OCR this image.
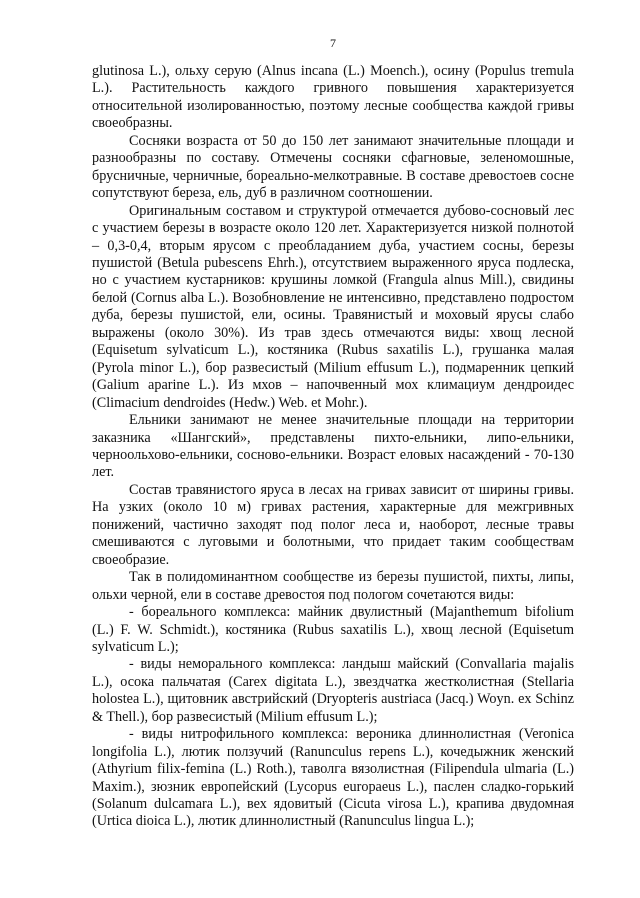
7

glutinosa L.), ольху серую (Alnus incana (L.) Moench.), осину (Populus tremula L.). Растительность каждого гривного повышения характеризуется относительной изолированностью, поэтому лесные сообщества каждой гривы своеобразны.

Сосняки возраста от 50 до 150 лет занимают значительные площади и разнообразны по составу. Отмечены сосняки сфагновые, зеленомошные, брусничные, черничные, бореально-мелкотравные. В составе древостоев сосне сопутствуют береза, ель, дуб в различном соотношении.

Оригинальным составом и структурой отмечается дубово-сосновый лес с участием березы в возрасте около 120 лет. Характеризуется низкой полнотой – 0,3-0,4, вторым ярусом с преобладанием дуба, участием сосны, березы пушистой (Betula pubescens Ehrh.), отсутствием выраженного яруса подлеска, но с участием кустарников: крушины ломкой (Frangula alnus Mill.), свидины белой (Cornus alba L.). Возобновление не интенсивно, представлено подростом дуба, березы пушистой, ели, осины. Травянистый и моховый ярусы слабо выражены (около 30%). Из трав здесь отмечаются виды: хвощ лесной (Equisetum sylvaticum L.), костяника (Rubus saxatilis L.), грушанка малая (Pyrola minor L.), бор развесистый (Milium effusum L.), подмаренник цепкий (Galium aparine L.). Из мхов – напочвенный мох климациум дендроидес (Climacium dendroides (Hedw.) Web. et Mohr.).

Ельники занимают не менее значительные площади на территории заказника «Шангский», представлены пихто-ельники, липо-ельники, черноольхово-ельники, сосново-ельники. Возраст еловых насаждений - 70-130 лет.

Состав травянистого яруса в лесах на гривах зависит от ширины гривы. На узких (около 10 м) гривах растения, характерные для межгривных понижений, частично заходят под полог леса и, наоборот, лесные травы смешиваются с луговыми и болотными, что придает таким сообществам своеобразие.

Так в полидоминантном сообществе из березы пушистой, пихты, липы, ольхи черной, ели в составе древостоя под пологом сочетаются виды:

- бореального комплекса: майник двулистный (Majanthemum bifolium (L.) F. W. Schmidt.), костяника (Rubus saxatilis L.), хвощ лесной (Equisetum sylvaticum L.);

- виды неморального комплекса: ландыш майский (Convallaria majalis L.), осока пальчатая (Carex digitata L.), звездчатка жестколистная (Stellaria holostea L.), щитовник австрийский (Dryopteris austriaca (Jacq.) Woyn. ex Schinz & Thell.), бор развесистый (Milium effusum L.);

- виды нитрофильного комплекса: вероника длиннолистная (Veronica longifolia L.), лютик ползучий (Ranunculus repens L.), кочедыжник женский (Athyrium filix-femina (L.) Roth.), таволга вязолистная (Filipendula ulmaria (L.) Maxim.), зюзник европейский (Lycopus europaeus L.), паслен сладко-горький (Solanum dulcamara L.), вех ядовитый (Cicuta virosa L.), крапива двудомная (Urtica dioica L.), лютик длиннолистный (Ranunculus lingua L.);
